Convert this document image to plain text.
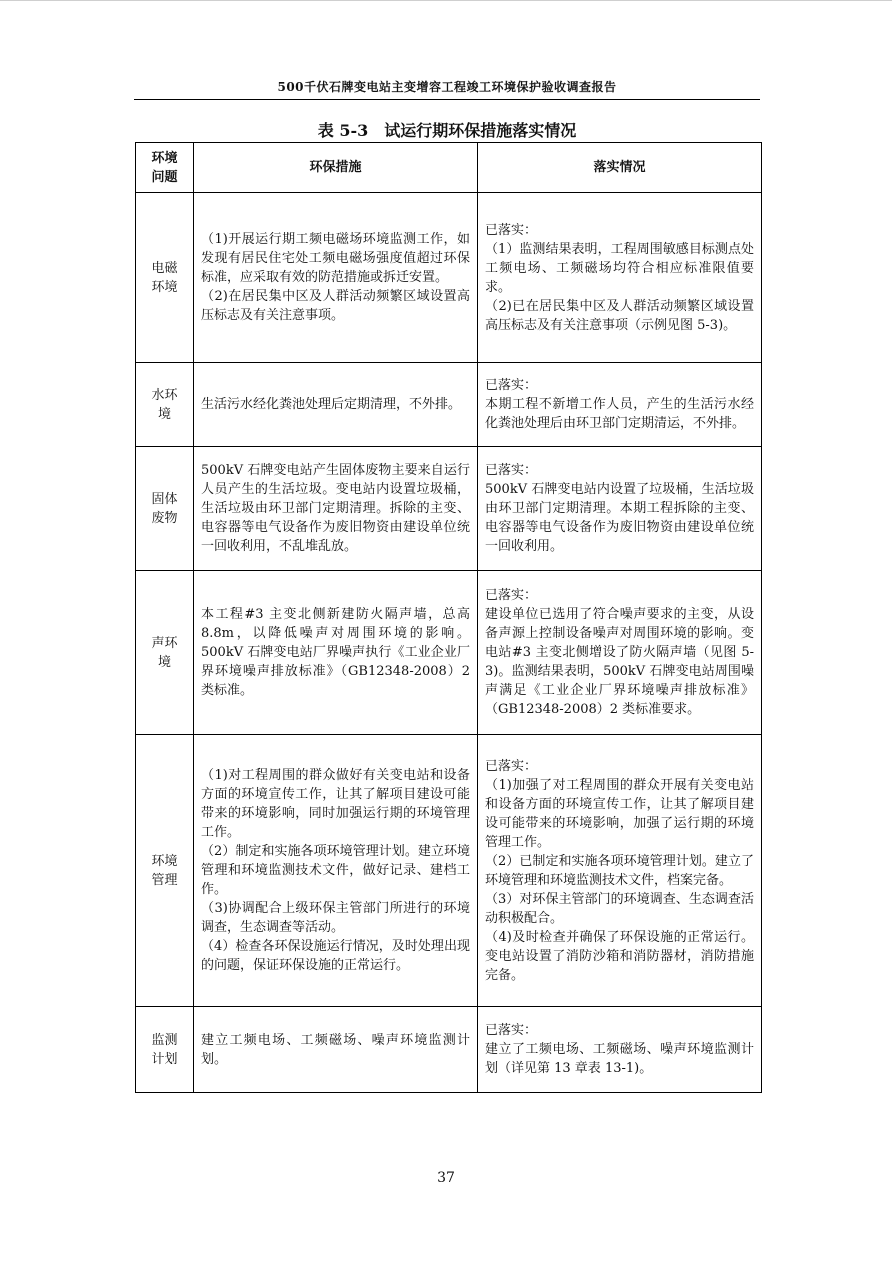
500千伏石牌变电站主变增容工程竣工环境保护验收调查报告
表 5-3　试运行期环保措施落实情况
环境
问题	环保措施	落实情况
电磁
环境	（1)开展运行期工频电磁场环境监测工作，如发现有居民住宅处工频电磁场强度值超过环保标准，应采取有效的防范措施或拆迁安置。
（2)在居民集中区及人群活动频繁区域设置高压标志及有关注意事项。	已落实：
（1）监测结果表明，工程周围敏感目标测点处工频电场、工频磁场均符合相应标准限值要求。
（2)已在居民集中区及人群活动频繁区域设置高压标志及有关注意事项（示例见图 5-3)。

水环
境	生活污水经化粪池处理后定期清理，不外排。	已落实：
本期工程不新增工作人员，产生的生活污水经化粪池处理后由环卫部门定期清运，不外排。

固体
废物	500kV 石牌变电站产生固体废物主要来自运行人员产生的生活垃圾。变电站内设置垃圾桶，生活垃圾由环卫部门定期清理。拆除的主变、电容器等电气设备作为废旧物资由建设单位统一回收利用，不乱堆乱放。	已落实：
500kV 石牌变电站内设置了垃圾桶，生活垃圾由环卫部门定期清理。本期工程拆除的主变、电容器等电气设备作为废旧物资由建设单位统一回收利用。

声环
境	本工程#3 主变北侧新建防火隔声墙，总高 8.8m，以降低噪声对周围环境的影响。500kV 石牌变电站厂界噪声执行《工业企业厂界环境噪声排放标准》（GB12348-2008）2 类标准。	已落实：
建设单位已选用了符合噪声要求的主变，从设备声源上控制设备噪声对周围环境的影响。变电站#3 主变北侧增设了防火隔声墙（见图 5-3)。监测结果表明，500kV 石牌变电站周围噪声满足《工业企业厂界环境噪声排放标准》（GB12348-2008）2 类标准要求。

环境
管理	（1)对工程周围的群众做好有关变电站和设备方面的环境宣传工作，让其了解项目建设可能带来的环境影响，同时加强运行期的环境管理工作。
（2）制定和实施各项环境管理计划。建立环境管理和环境监测技术文件，做好记录、建档工作。
（3)协调配合上级环保主管部门所进行的环境调查，生态调查等活动。
（4）检查各环保设施运行情况，及时处理出现的问题，保证环保设施的正常运行。	已落实：
（1)加强了对工程周围的群众开展有关变电站和设备方面的环境宣传工作，让其了解项目建设可能带来的环境影响，加强了运行期的环境管理工作。
（2）已制定和实施各项环境管理计划。建立了环境管理和环境监测技术文件，档案完备。
（3）对环保主管部门的环境调查、生态调查活动积极配合。
（4)及时检查并确保了环保设施的正常运行。变电站设置了消防沙箱和消防器材，消防措施完备。

监测
计划	建立工频电场、工频磁场、噪声环境监测计划。	已落实：
建立了工频电场、工频磁场、噪声环境监测计划（详见第 13 章表 13-1)。
37
